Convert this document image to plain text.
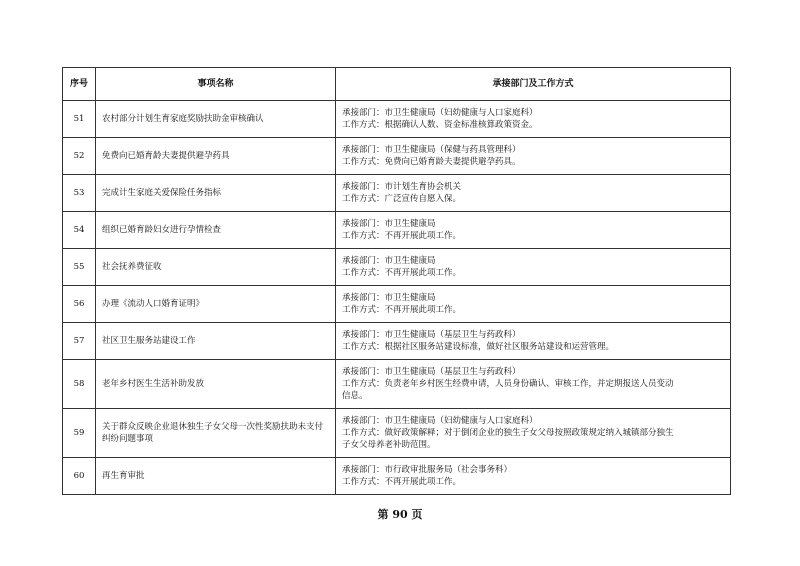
序号	事项名称	承接部门及工作方式
51	农村部分计划生育家庭奖励扶助金审核确认	承接部门：市卫生健康局（妇幼健康与人口家庭科）
工作方式：根据确认人数、资金标准核算政策资金。

52	免费向已婚育龄夫妻提供避孕药具	承接部门：市卫生健康局（保健与药具管理科）
工作方式：免费向已婚育龄夫妻提供避孕药具。

53	完成计生家庭关爱保险任务指标	承接部门：市计划生育协会机关
工作方式：广泛宣传自愿入保。

54	组织已婚育龄妇女进行孕情检查	承接部门：市卫生健康局
工作方式：不再开展此项工作。

55	社会抚养费征收	承接部门：市卫生健康局
工作方式：不再开展此项工作。

56	办理《流动人口婚育证明》	承接部门：市卫生健康局
工作方式：不再开展此项工作。

57	社区卫生服务站建设工作	承接部门：市卫生健康局（基层卫生与药政科）
工作方式：根据社区服务站建设标准，做好社区服务站建设和运营管理。

58	老年乡村医生生活补助发放	承接部门：市卫生健康局（基层卫生与药政科）
工作方式：负责老年乡村医生经费申请，人员身份确认、审核工作，并定期报送人员变动
信息。

59	关于群众反映企业退休独生子女父母一次性奖励扶助未支付纠纷问题事项	承接部门：市卫生健康局（妇幼健康与人口家庭科）
工作方式：做好政策解释；对于倒闭企业的独生子女父母按照政策规定纳入城镇部分独生
子女父母养老补助范围。

60	再生育审批	承接部门：市行政审批服务局（社会事务科）
工作方式：不再开展此项工作。
第 90 页
